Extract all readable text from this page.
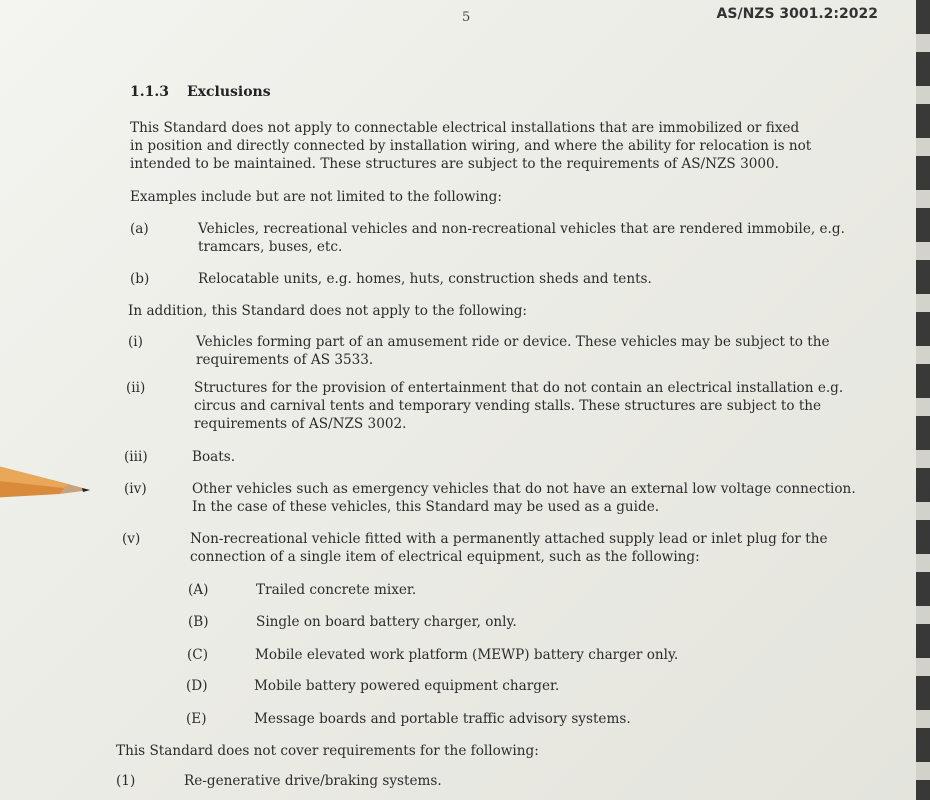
5	AS/NZS 3001.2:2022
1.1.3 Exclusions
This Standard does not apply to connectable electrical installations that are immobilized or fixed
in position and directly connected by installation wiring, and where the ability for relocation is not
intended to be maintained. These structures are subject to the requirements of AS/NZS 3000.
Examples include but are not limited to the following:
(a)	Vehicles, recreational vehicles and non-recreational vehicles that are rendered immobile, e.g.
tramcars, buses, etc.
(b)	Relocatable units, e.g. homes, huts, construction sheds and tents.
In addition, this Standard does not apply to the following:
(i)	Vehicles forming part of an amusement ride or device. These vehicles may be subject to the
requirements of AS 3533.
(ii)	Structures for the provision of entertainment that do not contain an electrical installation e.g.
circus and carnival tents and temporary vending stalls. These structures are subject to the
requirements of AS/NZS 3002.
(iii)	Boats.
(iv)	Other vehicles such as emergency vehicles that do not have an external low voltage connection.
In the case of these vehicles, this Standard may be used as a guide.
(v)	Non-recreational vehicle fitted with a permanently attached supply lead or inlet plug for the
connection of a single item of electrical equipment, such as the following:
(A)	Trailed concrete mixer.
(B)	Single on board battery charger, only.
(C)	Mobile elevated work platform (MEWP) battery charger only.
(D)	Mobile battery powered equipment charger.
(E)	Message boards and portable traffic advisory systems.
This Standard does not cover requirements for the following:
(1)	Re-generative drive/braking systems.
